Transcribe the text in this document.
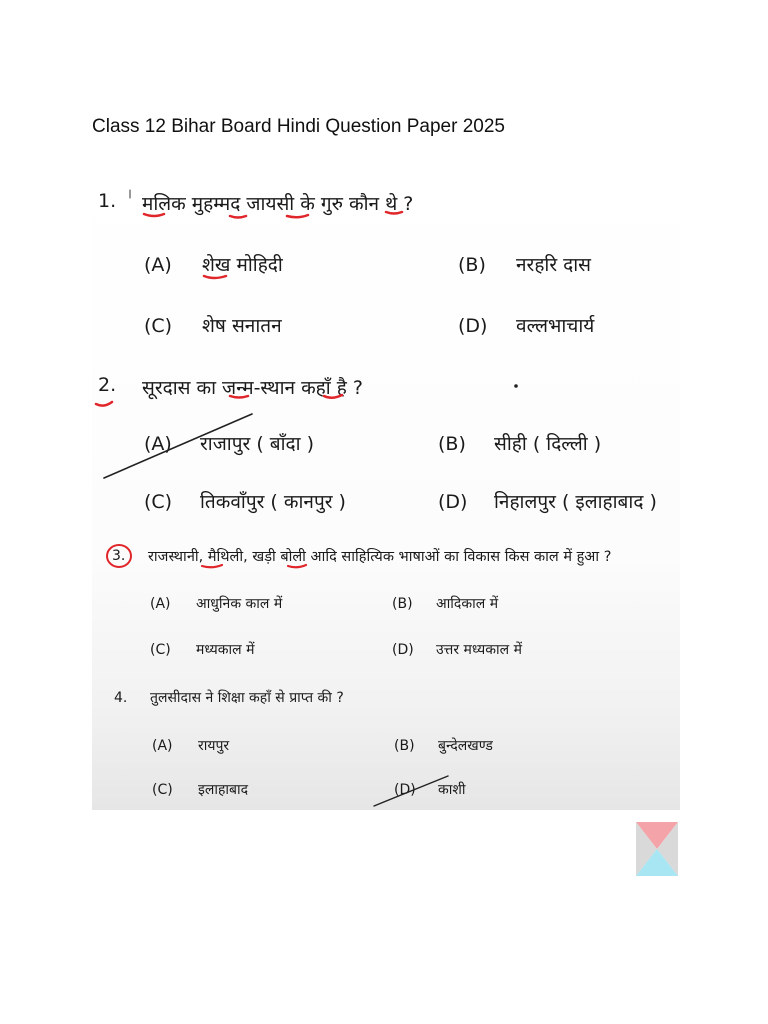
Class 12 Bihar Board Hindi Question Paper 2025
1. मलिक मुहम्मद जायसी के गुरु कौन थे ?
(A) शेख मोहिदी	(B) नरहरि दास
(C) शेष सनातन	(D) वल्लभाचार्य
2. सूरदास का जन्म-स्थान कहाँ है ?
(A) राजापुर ( बाँदा )	(B) सीही ( दिल्ली )
(C) तिकवाँपुर ( कानपुर )	(D) निहालपुर ( इलाहाबाद )
3. राजस्थानी, मैथिली, खड़ी बोली आदि साहित्यिक भाषाओं का विकास किस काल में हुआ ?
(A) आधुनिक काल में	(B) आदिकाल में
(C) मध्यकाल में	(D) उत्तर मध्यकाल में
4. तुलसीदास ने शिक्षा कहाँ से प्राप्त की ?
(A) रायपुर	(B) बुन्देलखण्ड
(C) इलाहाबाद	(D) काशी
